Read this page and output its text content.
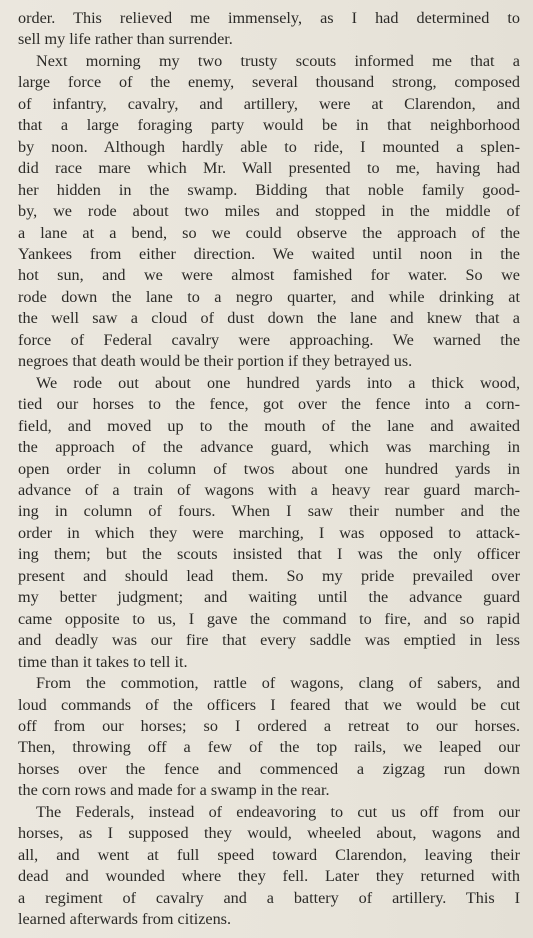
order. This relieved me immensely, as I had determined to
sell my life rather than surrender.

Next morning my two trusty scouts informed me that a
large force of the enemy, several thousand strong, composed
of infantry, cavalry, and artillery, were at Clarendon, and
that a large foraging party would be in that neighborhood
by noon. Although hardly able to ride, I mounted a splen-
did race mare which Mr. Wall presented to me, having had
her hidden in the swamp. Bidding that noble family good-
by, we rode about two miles and stopped in the middle of
a lane at a bend, so we could observe the approach of the
Yankees from either direction. We waited until noon in the
hot sun, and we were almost famished for water. So we
rode down the lane to a negro quarter, and while drinking at
the well saw a cloud of dust down the lane and knew that a
force of Federal cavalry were approaching. We warned the
negroes that death would be their portion if they betrayed us.

We rode out about one hundred yards into a thick wood,
tied our horses to the fence, got over the fence into a corn-
field, and moved up to the mouth of the lane and awaited
the approach of the advance guard, which was marching in
open order in column of twos about one hundred yards in
advance of a train of wagons with a heavy rear guard march-
ing in column of fours. When I saw their number and the
order in which they were marching, I was opposed to attack-
ing them; but the scouts insisted that I was the only officer
present and should lead them. So my pride prevailed over
my better judgment; and waiting until the advance guard
came opposite to us, I gave the command to fire, and so rapid
and deadly was our fire that every saddle was emptied in less
time than it takes to tell it.

From the commotion, rattle of wagons, clang of sabers, and
loud commands of the officers I feared that we would be cut
off from our horses; so I ordered a retreat to our horses.
Then, throwing off a few of the top rails, we leaped our
horses over the fence and commenced a zigzag run down
the corn rows and made for a swamp in the rear.

The Federals, instead of endeavoring to cut us off from our
horses, as I supposed they would, wheeled about, wagons and
all, and went at full speed toward Clarendon, leaving their
dead and wounded where they fell. Later they returned with
a regiment of cavalry and a battery of artillery. This I
learned afterwards from citizens.
